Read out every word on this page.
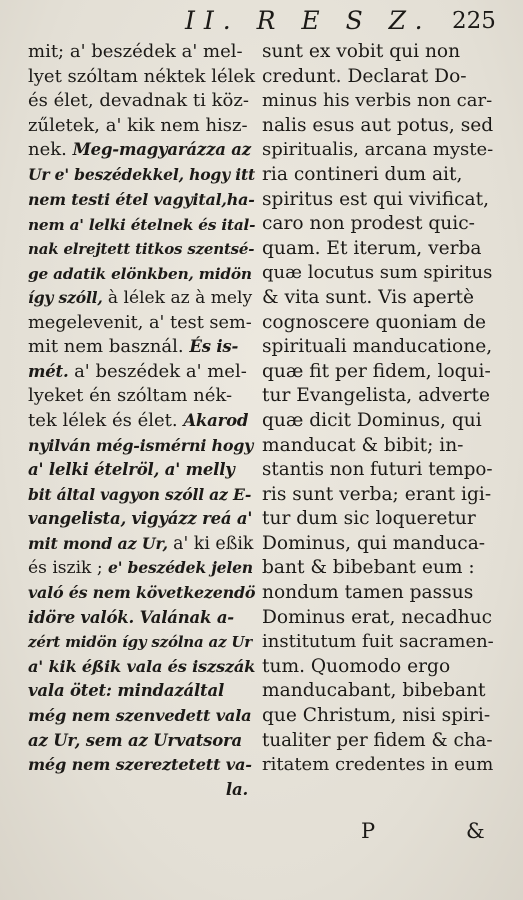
II. R E S Z. 225
mit; a' beszédek a' mel-
lyet szóltam néktek lélek
és élet, devadnak ti köz-
zűletek, a' kik nem hisz-
nek. Meg-magyarázza az
Ur e' beszédekkel, hogy itt
nem testi étel vagyital,ha-
nem a' lelki ételnek és ital-
nak elrejtett titkos szentsé-
ge adatik elönkben, midön
így szóll, à lélek az à mely
megelevenit, a' test sem-
mit nem basznál. És is-
mét. a' beszédek a' mel-
lyeket én szóltam nék-
tek lélek és élet. Akarod
nyilván még-ismérni hogy
a' lelki ételröl, a' melly
bit által vagyon szóll az E-
vangelista, vigyázz reá a'
mit mond az Ur, a' ki eßik
és iszik ; e' beszédek jelen
való és nem következendö
idöre valók. Valának a-
zért midön így szólna az Ur
a' kik éßik vala és iszszák
vala ötet: mindazáltal
még nem szenvedett vala
az Ur, sem az Urvatsora
még nem szereztetett va-
la.
sunt ex vobit qui non
credunt. Declarat Do-
minus his verbis non car-
nalis esus aut potus, sed
spiritualis, arcana myste-
ria contineri dum ait,
spiritus est qui vivificat,
caro non prodest quic-
quam. Et iterum, verba
quæ locutus sum spiritus
& vita sunt. Vis apertè
cognoscere quoniam de
spirituali manducatione,
quæ fit per fidem, loqui-
tur Evangelista, adverte
quæ dicit Dominus, qui
manducat & bibit; in-
stantis non futuri tempo-
ris sunt verba; erant igi-
tur dum sic loqueretur
Dominus, qui manduca-
bant & bibebant eum :
nondum tamen passus
Dominus erat, necadhuc
institutum fuit sacramen-
tum. Quomodo ergo
manducabant, bibebant
que Christum, nisi spiri-
tualiter per fidem & cha-
ritatem credentes in eum
P	&
